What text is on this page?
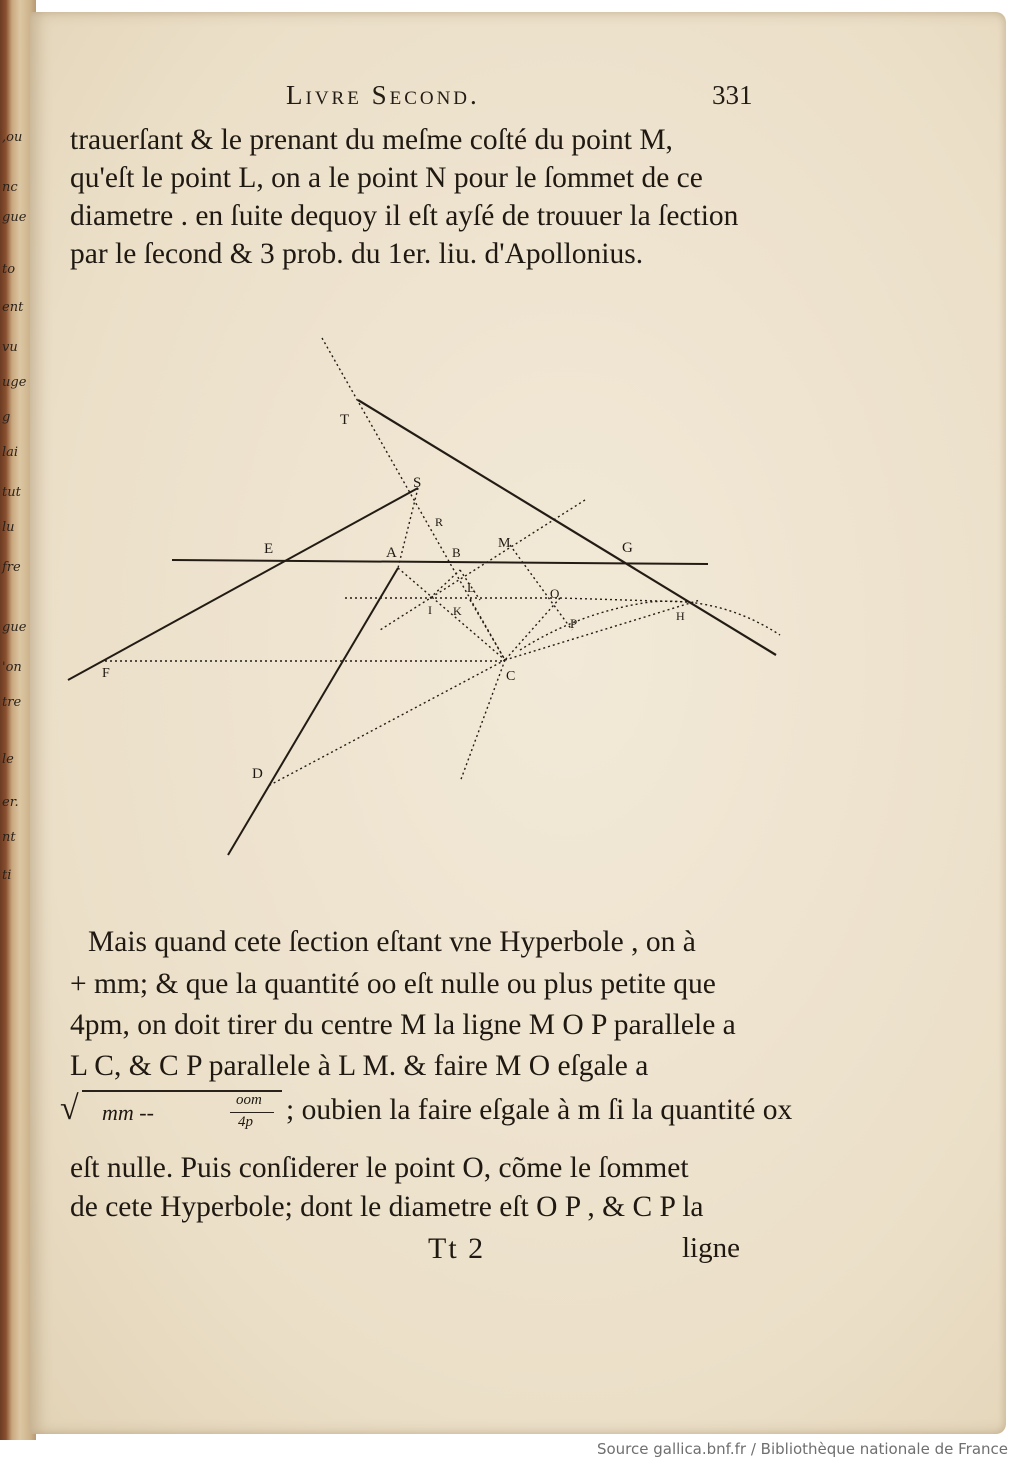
,ou
nc
gue
to
ent
vu
uge
g
lai
tut
lu
fre
gue
'on
tre
le
er.
nt
ti
Livre Second.	331
trauerſant & le prenant du meſme coſté du point M,
qu'eſt le point L, on a le point N pour le ſommet de ce
diametre . en ſuite dequoy il eſt ayſé de trouuer la ſection
par le ſecond & 3 prob. du 1er. liu. d'Apollonius.
T
S
R
E	A	B
M	G
L	O
I K
P	H
F	C
D
Mais quand cete ſection eſtant vne Hyperbole , on à
+ mm; & que la quantité oo eſt nulle ou plus petite que
4pm, on doit tirer du centre M la ligne M O P parallele a
L C, & C P parallele à L M. & faire M O eſgale a
√ mm --	oom
4p ; oubien la faire eſgale à m ſi la quantité ox
eſt nulle. Puis conſiderer le point O, cõme le ſommet
de cete Hyperbole; dont le diametre eſt O P , & C P la
Tt 2	ligne
Source gallica.bnf.fr / Bibliothèque nationale de France
